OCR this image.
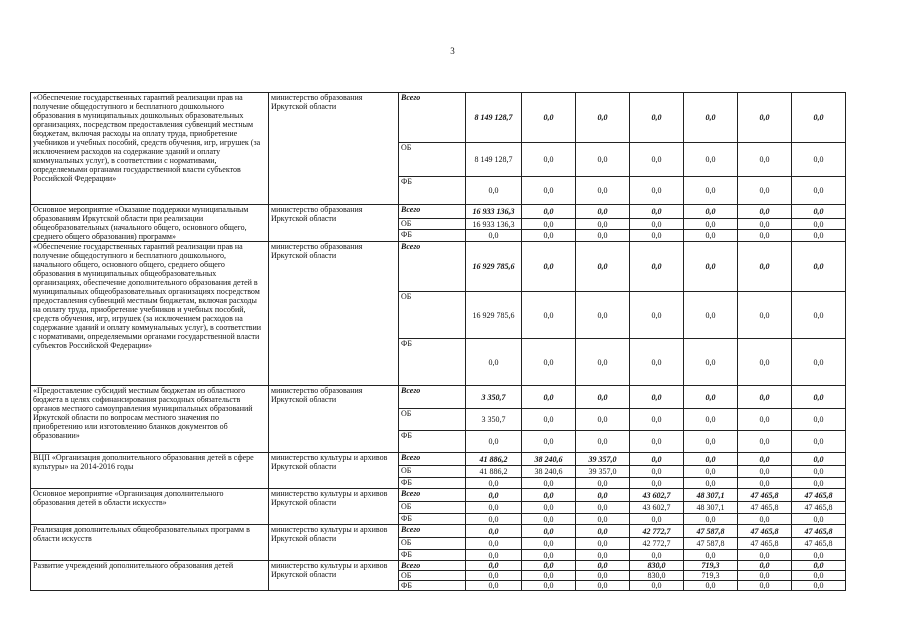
3
«Обеспечение государственных гарантий реализации прав на получение общедоступного и бесплатного дошкольного образования в муниципальных дошкольных образовательных организациях, посредством предоставления субвенций местным бюджетам, включая расходы на оплату труда, приобретение учебников и учебных пособий, средств обучения, игр, игрушек (за исключением расходов на содержание зданий и оплату коммунальных услуг), в соответствии с нормативами, определяемыми органами государственной власти субъектов Российской Федерации»	министерство образования Иркутской области	Всего	8 149 128,7	0,0	0,0	0,0	0,0	0,0	0,0
		ОБ	8 149 128,7	0,0	0,0	0,0	0,0	0,0	0,0
		ФБ	0,0	0,0	0,0	0,0	0,0	0,0	0,0
Основное мероприятие «Оказание поддержки муниципальным образованиям Иркутской области при реализации общеобразовательных (начального общего, основного общего, среднего общего образования) программ»	министерство образования Иркутской области	Всего	16 933 136,3	0,0	0,0	0,0	0,0	0,0	0,0
		ОБ	16 933 136,3	0,0	0,0	0,0	0,0	0,0	0,0
		ФБ	0,0	0,0	0,0	0,0	0,0	0,0	0,0
«Обеспечение государственных гарантий реализации прав на получение общедоступного и бесплатного дошкольного, начального общего, основного общего, среднего общего образования в муниципальных общеобразовательных организациях, обеспечение дополнительного образования детей в муниципальных общеобразовательных организациях посредством предоставления субвенций местным бюджетам, включая расходы на оплату труда, приобретение учебников и учебных пособий, средств обучения, игр, игрушек (за исключением расходов на содержание зданий и оплату коммунальных услуг), в соответствии с нормативами, определяемыми органами государственной власти субъектов Российской Федерации»	министерство образования Иркутской области	Всего	16 929 785,6	0,0	0,0	0,0	0,0	0,0	0,0
		ОБ	16 929 785,6	0,0	0,0	0,0	0,0	0,0	0,0
		ФБ	0,0	0,0	0,0	0,0	0,0	0,0	0,0
«Предоставление субсидий местным бюджетам из областного бюджета в целях софинансирования расходных обязательств органов местного самоуправления муниципальных образований Иркутской области по вопросам местного значения по приобретению или изготовлению бланков документов об образовании»	министерство образования Иркутской области	Всего	3 350,7	0,0	0,0	0,0	0,0	0,0	0,0
		ОБ	3 350,7	0,0	0,0	0,0	0,0	0,0	0,0
		ФБ	0,0	0,0	0,0	0,0	0,0	0,0	0,0
ВЦП «Организация дополнительного образования детей в сфере культуры» на 2014-2016 годы	министерство культуры и архивов Иркутской области	Всего	41 886,2	38 240,6	39 357,0	0,0	0,0	0,0	0,0
		ОБ	41 886,2	38 240,6	39 357,0	0,0	0,0	0,0	0,0
		ФБ	0,0	0,0	0,0	0,0	0,0	0,0	0,0
Основное мероприятие «Организация дополнительного образования детей в области искусств»	министерство культуры и архивов Иркутской области	Всего	0,0	0,0	0,0	43 602,7	48 307,1	47 465,8	47 465,8
		ОБ	0,0	0,0	0,0	43 602,7	48 307,1	47 465,8	47 465,8
		ФБ	0,0	0,0	0,0	0,0	0,0	0,0	0,0
Реализация дополнительных общеобразовательных программ в области искусств	министерство культуры и архивов Иркутской области	Всего	0,0	0,0	0,0	42 772,7	47 587,8	47 465,8	47 465,8
		ОБ	0,0	0,0	0,0	42 772,7	47 587,8	47 465,8	47 465,8
		ФБ	0,0	0,0	0,0	0,0	0,0	0,0	0,0
Развитие учреждений дополнительного образования детей	министерство культуры и архивов Иркутской области	Всего	0,0	0,0	0,0	830,0	719,3	0,0	0,0
		ОБ	0,0	0,0	0,0	830,0	719,3	0,0	0,0
		ФБ	0,0	0,0	0,0	0,0	0,0	0,0	0,0
